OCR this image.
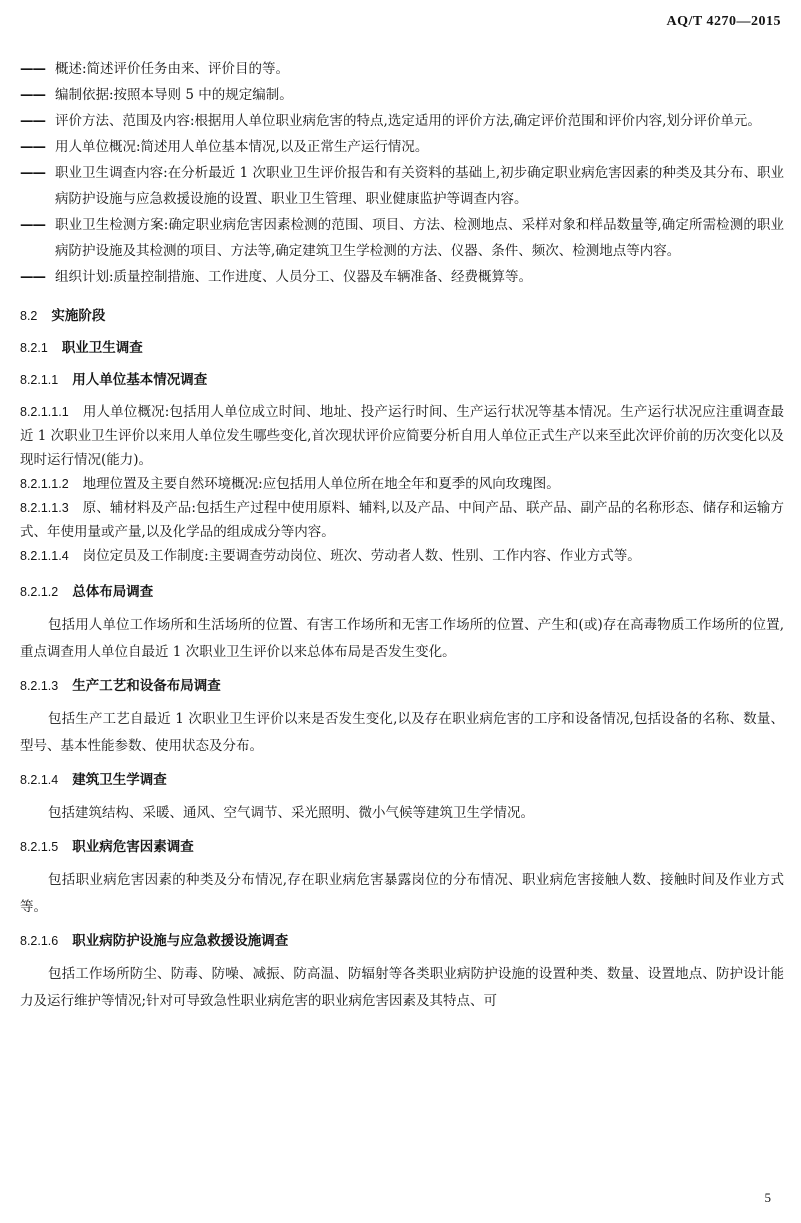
AQ/T 4270—2015
—— 概述:简述评价任务由来、评价目的等。
—— 编制依据:按照本导则 5 中的规定编制。
—— 评价方法、范围及内容:根据用人单位职业病危害的特点,选定适用的评价方法,确定评价范围和评价内容,划分评价单元。
—— 用人单位概况:简述用人单位基本情况,以及正常生产运行情况。
—— 职业卫生调查内容:在分析最近 1 次职业卫生评价报告和有关资料的基础上,初步确定职业病危害因素的种类及其分布、职业病防护设施与应急救援设施的设置、职业卫生管理、职业健康监护等调查内容。
—— 职业卫生检测方案:确定职业病危害因素检测的范围、项目、方法、检测地点、采样对象和样品数量等,确定所需检测的职业病防护设施及其检测的项目、方法等,确定建筑卫生学检测的方法、仪器、条件、频次、检测地点等内容。
—— 组织计划:质量控制措施、工作进度、人员分工、仪器及车辆准备、经费概算等。
8.2 实施阶段
8.2.1 职业卫生调查
8.2.1.1 用人单位基本情况调查
8.2.1.1.1 用人单位概况:包括用人单位成立时间、地址、投产运行时间、生产运行状况等基本情况。生产运行状况应注重调查最近 1 次职业卫生评价以来用人单位发生哪些变化,首次现状评价应简要分析自用人单位正式生产以来至此次评价前的历次变化以及现时运行情况(能力)。
8.2.1.1.2 地理位置及主要自然环境概况:应包括用人单位所在地全年和夏季的风向玫瑰图。
8.2.1.1.3 原、辅材料及产品:包括生产过程中使用原料、辅料,以及产品、中间产品、联产品、副产品的名称形态、储存和运输方式、年使用量或产量,以及化学品的组成成分等内容。
8.2.1.1.4 岗位定员及工作制度:主要调查劳动岗位、班次、劳动者人数、性别、工作内容、作业方式等。
8.2.1.2 总体布局调查
包括用人单位工作场所和生活场所的位置、有害工作场所和无害工作场所的位置、产生和(或)存在高毒物质工作场所的位置,重点调查用人单位自最近 1 次职业卫生评价以来总体布局是否发生变化。
8.2.1.3 生产工艺和设备布局调查
包括生产工艺自最近 1 次职业卫生评价以来是否发生变化,以及存在职业病危害的工序和设备情况,包括设备的名称、数量、型号、基本性能参数、使用状态及分布。
8.2.1.4 建筑卫生学调查
包括建筑结构、采暖、通风、空气调节、采光照明、微小气候等建筑卫生学情况。
8.2.1.5 职业病危害因素调查
包括职业病危害因素的种类及分布情况,存在职业病危害暴露岗位的分布情况、职业病危害接触人数、接触时间及作业方式等。
8.2.1.6 职业病防护设施与应急救援设施调查
包括工作场所防尘、防毒、防噪、减振、防高温、防辐射等各类职业病防护设施的设置种类、数量、设置地点、防护设计能力及运行维护等情况;针对可导致急性职业病危害的职业病危害因素及其特点、可
5
